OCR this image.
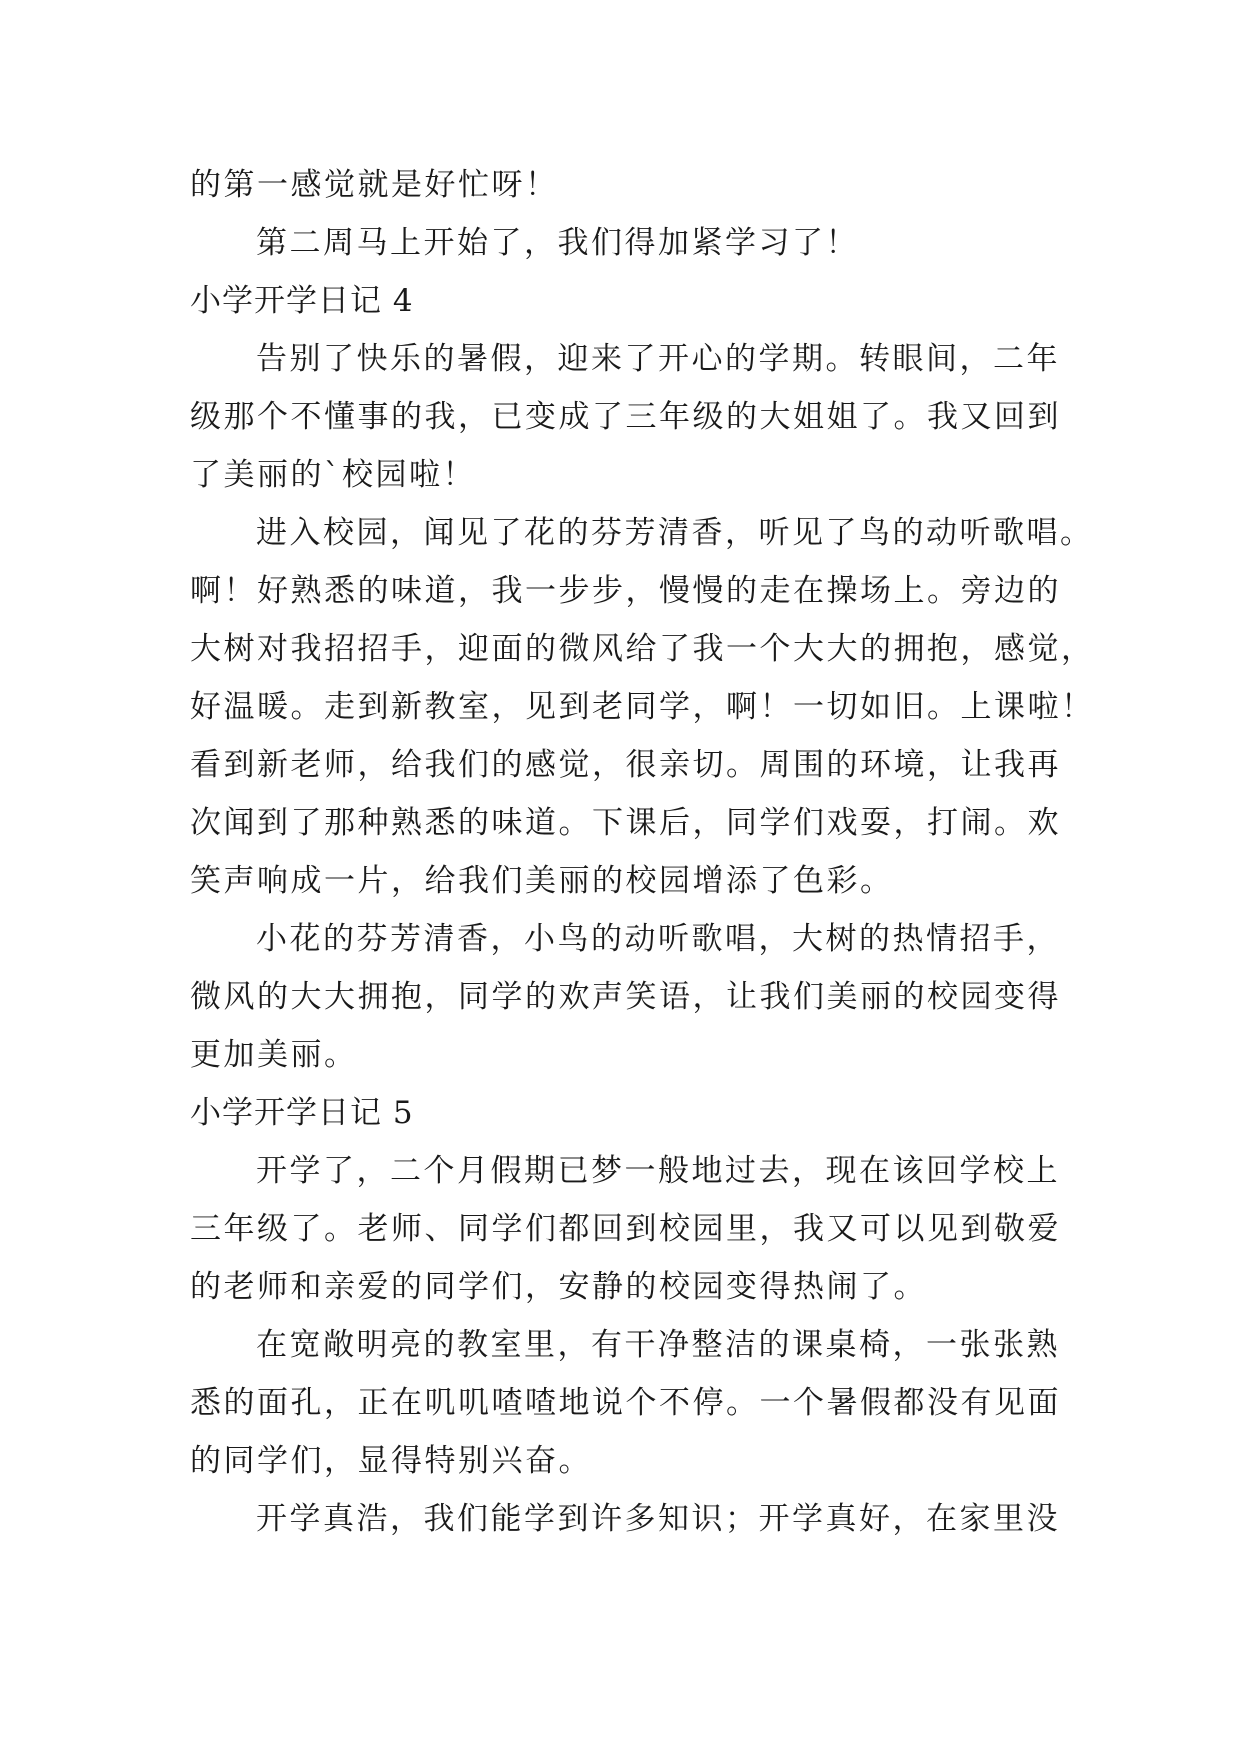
的第一感觉就是好忙呀！

第二周马上开始了，我们得加紧学习了！

小学开学日记 4

告别了快乐的暑假，迎来了开心的学期。转眼间，二年

级那个不懂事的我，已变成了三年级的大姐姐了。我又回到

了美丽的`校园啦！

进入校园，闻见了花的芬芳清香，听见了鸟的动听歌唱。

啊！好熟悉的味道，我一步步，慢慢的走在操场上。旁边的

大树对我招招手，迎面的微风给了我一个大大的拥抱，感觉，

好温暖。走到新教室，见到老同学，啊！一切如旧。上课啦！

看到新老师，给我们的感觉，很亲切。周围的环境，让我再

次闻到了那种熟悉的味道。下课后，同学们戏耍，打闹。欢

笑声响成一片，给我们美丽的校园增添了色彩。

小花的芬芳清香，小鸟的动听歌唱，大树的热情招手，

微风的大大拥抱，同学的欢声笑语，让我们美丽的校园变得

更加美丽。

小学开学日记 5

开学了，二个月假期已梦一般地过去，现在该回学校上

三年级了。老师、同学们都回到校园里，我又可以见到敬爱

的老师和亲爱的同学们，安静的校园变得热闹了。

在宽敞明亮的教室里，有干净整洁的课桌椅，一张张熟

悉的面孔，正在叽叽喳喳地说个不停。一个暑假都没有见面

的同学们，显得特别兴奋。

开学真浩，我们能学到许多知识；开学真好，在家里没
